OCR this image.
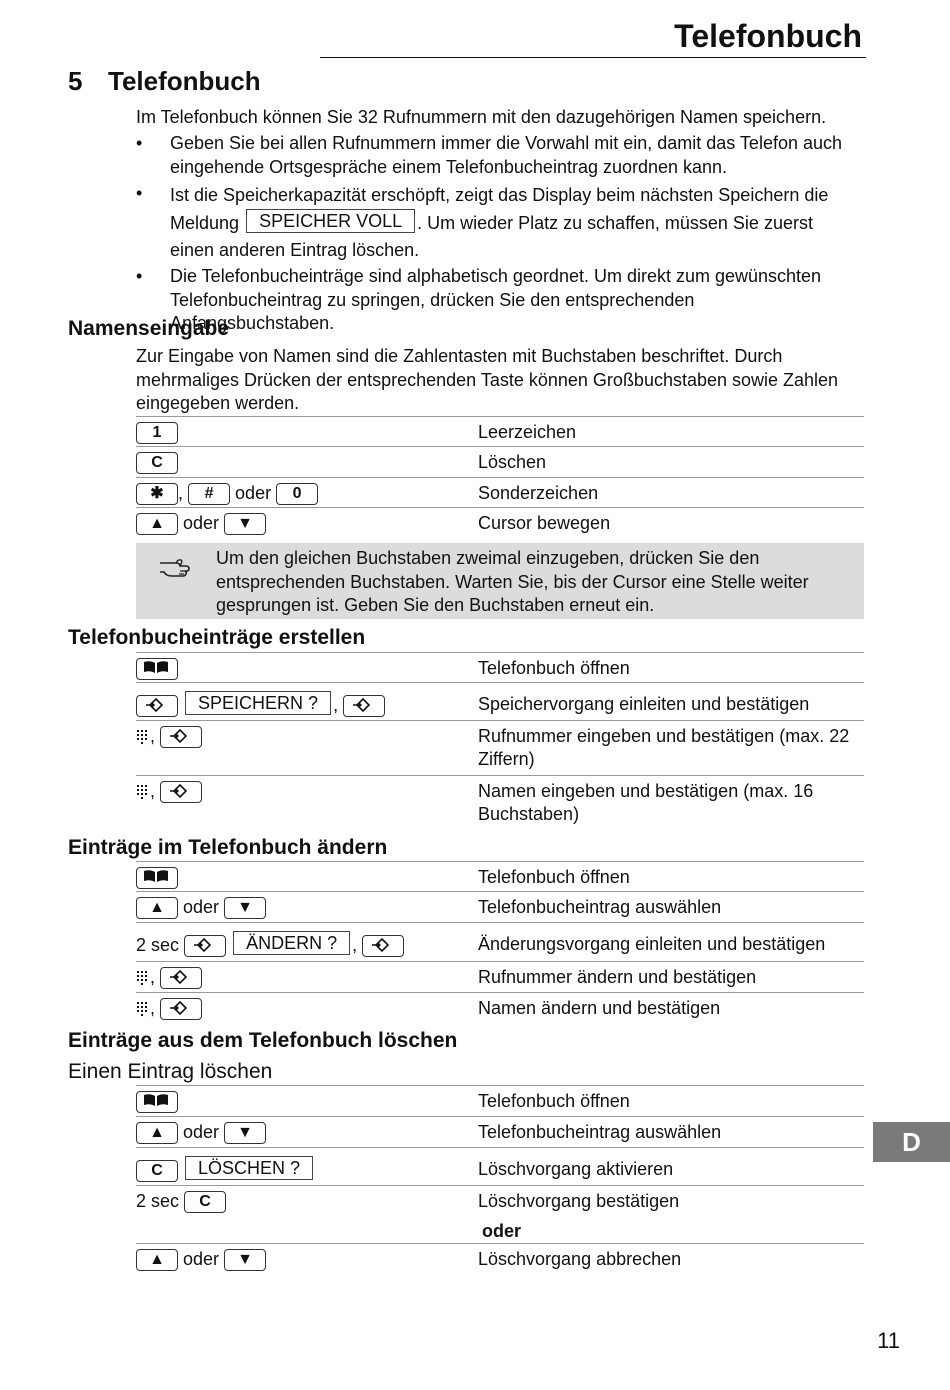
Telefonbuch
5 Telefonbuch
Im Telefonbuch können Sie 32 Rufnummern mit den dazugehörigen Namen speichern.
•	Geben Sie bei allen Rufnummern immer die Vorwahl mit ein, damit das Telefon auch eingehende Ortsgespräche einem Telefonbucheintrag zuordnen kann.
•	Ist die Speicherkapazität erschöpft, zeigt das Display beim nächsten Speichern die Meldung SPEICHER VOLL . Um wieder Platz zu schaffen, müssen Sie zuerst einen anderen Eintrag löschen.
•	Die Telefonbucheinträge sind alphabetisch geordnet. Um direkt zum gewünschten Telefonbucheintrag zu springen, drücken Sie den entsprechenden Anfangsbuchstaben.
Namenseingabe
Zur Eingabe von Namen sind die Zahlentasten mit Buchstaben beschriftet. Durch mehrmaliges Drücken der entsprechenden Taste können Großbuchstaben sowie Zahlen eingegeben werden.
1	Leerzeichen
C	Löschen
✱ , # oder 0	Sonderzeichen
▲ oder ▼	Cursor bewegen
Um den gleichen Buchstaben zweimal einzugeben, drücken Sie den entsprechenden Buchstaben. Warten Sie, bis der Cursor eine Stelle weiter gesprungen ist. Geben Sie den Buchstaben erneut ein.
Telefonbucheinträge erstellen
Telefonbuch öffnen
SPEICHERN ? ,	Speichervorgang einleiten und bestätigen
,	Rufnummer eingeben und bestätigen (max. 22 Ziffern)
,	Namen eingeben und bestätigen (max. 16 Buchstaben)
Einträge im Telefonbuch ändern
Telefonbuch öffnen
▲ oder ▼	Telefonbucheintrag auswählen
2 sec	ÄNDERN ? ,	Änderungsvorgang einleiten und bestätigen
,	Rufnummer ändern und bestätigen
,	Namen ändern und bestätigen
Einträge aus dem Telefonbuch löschen
Einen Eintrag löschen
Telefonbuch öffnen
▲ oder ▼	Telefonbucheintrag auswählen
C LÖSCHEN ?	Löschvorgang aktivieren
2 sec C	Löschvorgang bestätigen
oder
▲ oder ▼	Löschvorgang abbrechen
D
11
